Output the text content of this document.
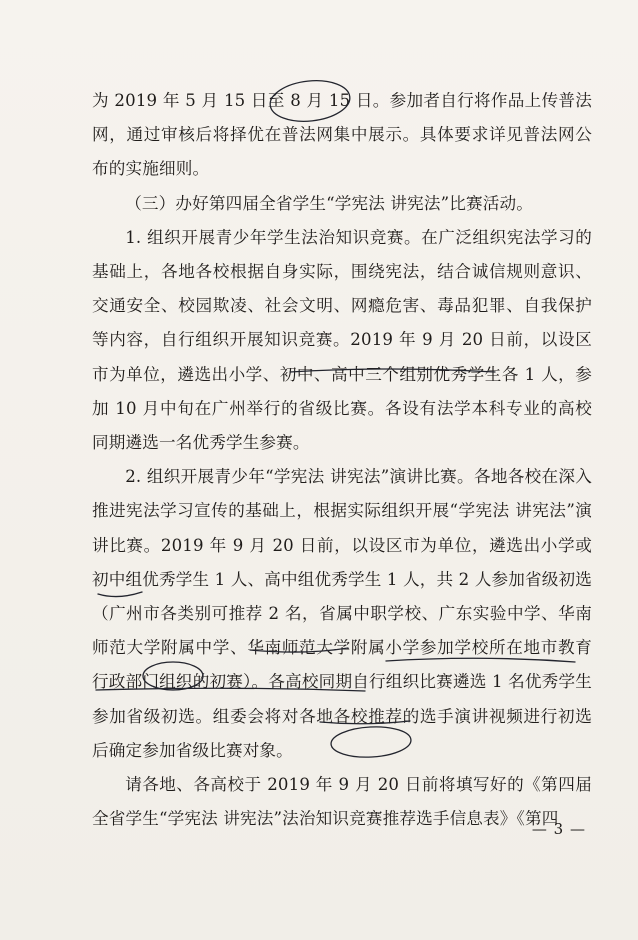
为 2019 年 5 月 15 日至 8 月 15 日。参加者自行将作品上传普法网，通过审核后将择优在普法网集中展示。具体要求详见普法网公布的实施细则。

（三）办好第四届全省学生“学宪法 讲宪法”比赛活动。

1. 组织开展青少年学生法治知识竞赛。在广泛组织宪法学习的基础上，各地各校根据自身实际，围绕宪法，结合诚信规则意识、交通安全、校园欺凌、社会文明、网瘾危害、毒品犯罪、自我保护等内容，自行组织开展知识竞赛。2019 年 9 月 20 日前，以设区市为单位，遴选出小学、初中、高中三个组别优秀学生各 1 人，参加 10 月中旬在广州举行的省级比赛。各设有法学本科专业的高校同期遴选一名优秀学生参赛。

2. 组织开展青少年“学宪法 讲宪法”演讲比赛。各地各校在深入推进宪法学习宣传的基础上，根据实际组织开展“学宪法 讲宪法”演讲比赛。2019 年 9 月 20 日前，以设区市为单位，遴选出小学或初中组优秀学生 1 人、高中组优秀学生 1 人，共 2 人参加省级初选（广州市各类别可推荐 2 名，省属中职学校、广东实验中学、华南师范大学附属中学、华南师范大学附属小学参加学校所在地市教育行政部门组织的初赛）。各高校同期自行组织比赛遴选 1 名优秀学生参加省级初选。组委会将对各地各校推荐的选手演讲视频进行初选后确定参加省级比赛对象。

请各地、各高校于 2019 年 9 月 20 日前将填写好的《第四届全省学生“学宪法 讲宪法”法治知识竞赛推荐选手信息表》《第四

— 3 —
